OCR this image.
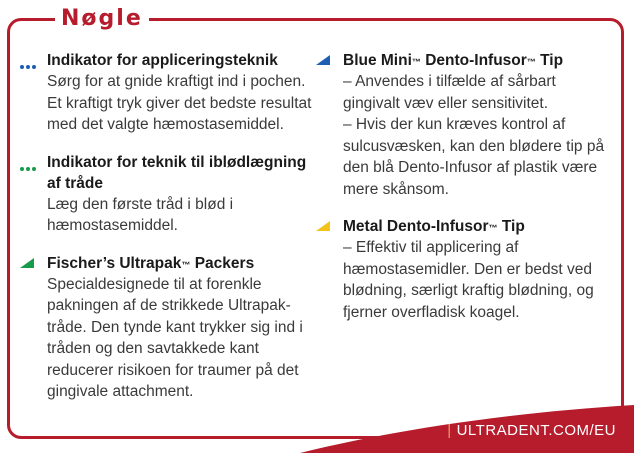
Nøgle
Indikator for appliceringsteknik

Sørg for at gnide kraftigt ind i pochen. Et kraftigt tryk giver det bedste resultat med det valgte hæmostasemiddel.

Indikator for teknik til iblødlægning af tråde

Læg den første tråd i blød i hæmostasemiddel.

Fischer’s Ultrapak™ Packers

Specialdesignede til at forenkle pakningen af de strikkede Ultrapak-tråde. Den tynde kant trykker sig ind i tråden og den savtakkede kant reducerer risikoen for traumer på det gingivale attachment.

Blue Mini™ Dento-Infusor™ Tip

– Anvendes i tilfælde af sårbart gingivalt væv eller sensitivitet.

– Hvis der kun kræves kontrol af sulcusvæsken, kan den blødere tip på den blå Dento-Infusor af plastik være mere skånsom.

Metal Dento-Infusor™ Tip

– Effektiv til applicering af hæmostasemidler. Den er bedst ved blødning, særligt kraftig blødning, og fjerner overfladisk koagel.

| ULTRADENT.COM/EU
